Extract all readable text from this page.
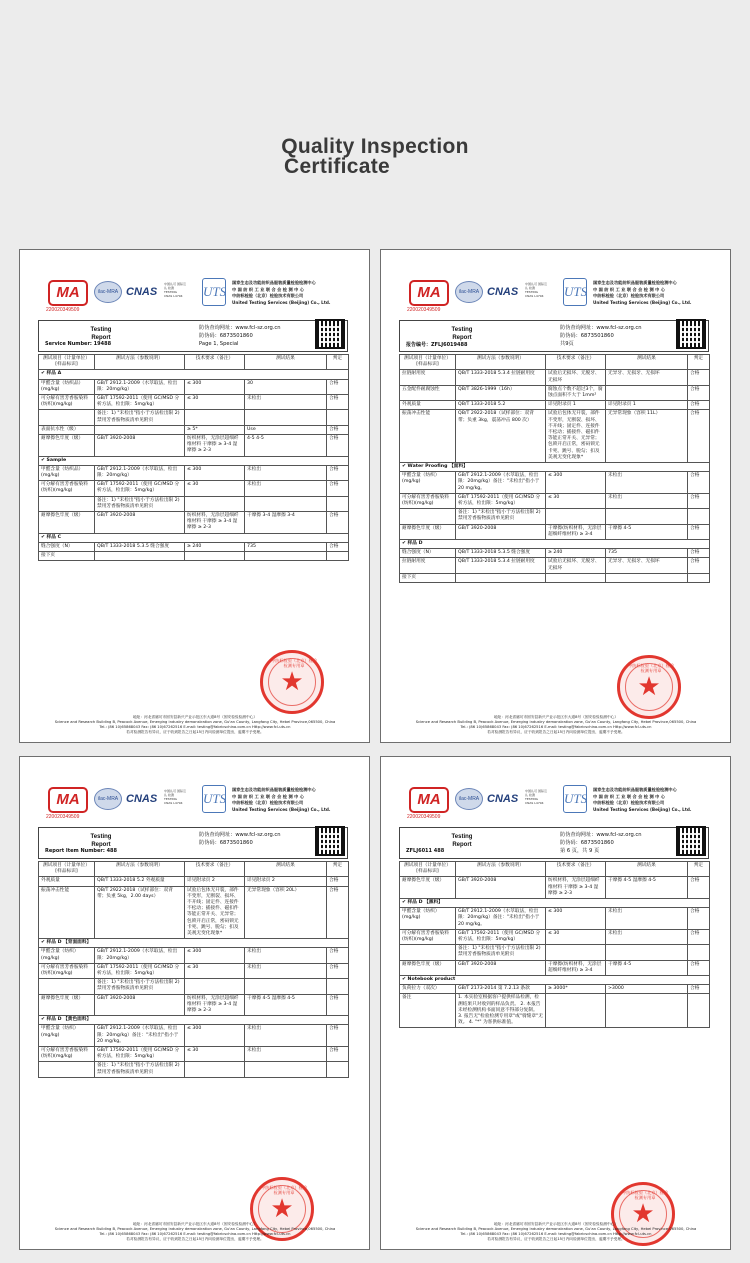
Quality Inspection
Certificate
MA
220020349509
ilac-MRA CNAS
中国认可 国际互认 检测 TESTING CNAS L4794 UTS
国家生态及功能纺织品服装质量检验检测中心
中 国 纺 织 工 业 联 合 会 检 测 中 心
中纺标检验（北京）检验技术有限公司
United Testing Services (Beijing) Co., Ltd.
Testing
Report
Service Number: 19488
防伪查询网址：www.fcl-sz.org.cn
防伪码：6873501860
Page 1, Special
测试项目（计量单位）[样品标识]	测试方法（参数说明）	技术要求（备注）	测试结果	判定
✔ 样品 A				
甲醛含量（纺织品）(mg/kg)	GB/T 2912.1-2009（水萃取法，检出限：20mg/kg）	≤ 300	30	合格
可分解有害芳香胺染料(纺织)(mg/kg)	GB/T 17592-2011（使用 GC/MSD 分析方法，检出限：5mg/kg）	≤ 30	未检出	合格
	备注：1) "未检出"指小于方法检出限 2) 禁用芳香胺物质清单见附页			
表面抗水性（级）		≥ 5*	Use	合格
耐摩擦色牢度（级）	GB/T 3920-2008	纺织材料，无涂层超细纤维材料 干摩擦 ≥ 3-4 湿摩擦 ≥ 2-3	4-5 4-5	合格
✔ Sample				
甲醛含量（纺织品）(mg/kg)	GB/T 2912.1-2009（水萃取法，检出限：20mg/kg）	≤ 300	未检出	合格
可分解有害芳香胺染料(纺织)(mg/kg)	GB/T 17592-2011（使用 GC/MSD 分析方法，检出限：5mg/kg）	≤ 30	未检出	合格
	备注：1) "未检出"指小于方法检出限 2) 禁用芳香胺物质清单见附页			
耐摩擦色牢度（级）	GB/T 3920-2008	纺织材料，无涂层超细纤维材料 干摩擦 ≥ 3-4 湿摩擦 ≥ 2-3	干摩擦 3-4 湿摩擦 3-4	合格
✔ 样品 C				
缝合强度（N）	QB/T 1333-2018 5.3.5 缝合强度	≥ 240	735	合格
接下页				
中纺标检验（北京）检验检测专用章
★
地址：河北省廊坊市固安县新兴产业示范区东大道8号（固安检验检测中心）
Science and Research Building B, Peacock Avenue, Emerging industry demonstration zone, Gu'an County, Langfang City, Hebei Province,065500, China
Tel.: (86 10)65868043 Fax: (86 10)67262516 E-mail: testing@fabricschina.com.cn Http://www.fcl-uts.cn
若对检测报告有异议，应于收到报告之日起15日内向检测单位提出，逾期不予受理。
MA
220020349509
ilac-MRA CNAS
中国认可 国际互认 检测 TESTING CNAS L4794 UTS
国家生态及功能纺织品服装质量检验检测中心
中 国 纺 织 工 业 联 合 会 检 测 中 心
中纺标检验（北京）检验技术有限公司
United Testing Services (Beijing) Co., Ltd.
Testing
Report
报告编号：ZFLJ6019488
防伪查询网址：www.fcl-sz.org.cn
防伪码：6873501860
共9页
测试项目（计量单位）[样品标识]	测试方法（参数说明）	技术要求（备注）	测试结果	判定
拉链耐用度	QB/T 1333-2018 5.3.4 拉链耐用度	试验后无损坏、无脱牙、无损坏	无异牙、无损牙、无损坏	合格
五金配件耐腐蚀性	QB/T 3826-1999（16h）	腐蚀点个数不超过3个，腐蚀点面积不大于 1mm²		合格
外观质量	QB/T 1333-2018 5.2	详见附录页 1	详见附录页 1	合格
振荡冲击性能	QB/T 2922-2018（试样部位：双背带；负重 3kg，震荡冲击 800 次）	试验后包体无开裂，部件不变形，无断裂、损坏、不开线；固定件、连接件不松动；插接件、磁扣件等能正常开关、无异常；包锁开启正常，密码锁无卡死、跳号、脱勾；扣及美观无变化现象*	无异常现象（容积 11L）	合格
✔ Water Proofing 【面料】				
甲醛含量（纺织）(mg/kg)	GB/T 2912.1-2009（水萃取法，检出限：20mg/kg）备注："未检出"指小于 20 mg/kg。	≤ 300	未检出	合格
可分解有害芳香胺染料(纺织)(mg/kg)	GB/T 17592-2011（使用 GC/MSD 分析方法，检出限：5mg/kg）	≤ 30	未检出	合格
	备注：1) "未检出"指小于方法检出限 2) 禁用芳香胺物质清单见附页			
耐摩擦色牢度（级）	GB/T 3920-2008	干摩擦(纺织材料，无涂层超细纤维材料) ≥ 3-4	干摩擦 4-5	合格
✔ 样品 D				
缝合强度（N）	QB/T 1333-2018 5.3.5 缝合强度	≥ 240	735	合格
拉链耐用度	QB/T 1333-2018 5.3.4 拉链耐用度	试验后无损坏、无脱牙、无损坏	无异牙、无损牙、无损坏	合格
接下页				
中纺标检验（北京）检验检测专用章
★
地址：河北省廊坊市固安县新兴产业示范区东大道8号（固安检验检测中心）
Science and Research Building B, Peacock Avenue, Emerging industry demonstration zone, Gu'an County, Langfang City, Hebei Province,065500, China
Tel.: (86 10)65868043 Fax: (86 10)67262516 E-mail: testing@fabricschina.com.cn Http://www.fcl-uts.cn
若对检测报告有异议，应于收到报告之日起15日内向检测单位提出，逾期不予受理。
MA
220020349509
ilac-MRA CNAS
中国认可 国际互认 检测 TESTING CNAS L4794 UTS
国家生态及功能纺织品服装质量检验检测中心
中 国 纺 织 工 业 联 合 会 检 测 中 心
中纺标检验（北京）检验技术有限公司
United Testing Services (Beijing) Co., Ltd.
Testing
Report
Report Item Number: 488
防伪查询网址：www.fcl-sz.org.cn
防伪码：6873501860

测试项目（计量单位）[样品标识]	测试方法（参数说明）	技术要求（备注）	测试结果	判定
外观质量	QB/T 1333-2018 5.2 外观质量	详见附录页 2	详见附录页 2	合格
振荡冲击性能	QB/T 2922-2018（试样部位：双背带；负重 5kg，2.00 days）	试验后包体无开裂，部件不变形，无断裂、损坏、不开线；固定件、连接件不松动；插接件、磁扣件等能正常开关、无异常；包锁开启正常，密码锁无卡死、跳号、脱勾；扣及美观无变化现象*	无异常现象（容积 20L）	合格
✔ 样品 D 【背面面料】				
甲醛含量（纺织）(mg/kg)	GB/T 2912.1-2009（水萃取法，检出限：20mg/kg）	≤ 300	未检出	合格
可分解有害芳香胺染料(纺织)(mg/kg)	GB/T 17592-2011（使用 GC/MSD 分析方法，检出限：5mg/kg）	≤ 30	未检出	合格
	备注：1) "未检出"指小于方法检出限 2) 禁用芳香胺物质清单见附页			
耐摩擦色牢度（级）	GB/T 3920-2008	纺织材料，无涂层超细纤维材料 干摩擦 ≥ 3-4 湿摩擦 ≥ 2-3	干摩擦 4-5 湿摩擦 4-5	合格
✔ 样品 D 【黄色面料】				
甲醛含量（纺织）(mg/kg)	GB/T 2912.1-2009（水萃取法，检出限：20mg/kg）备注："未检出"指小于 20 mg/kg。	≤ 300	未检出	合格
可分解有害芳香胺染料(纺织)(mg/kg)	GB/T 17592-2011（使用 GC/MSD 分析方法，检出限：5mg/kg）	≤ 30	未检出	合格
	备注：1) "未检出"指小于方法检出限 2) 禁用芳香胺物质清单见附页			
中纺标检验（北京）检验检测专用章
★
地址：河北省廊坊市固安县新兴产业示范区东大道8号（固安检验检测中心）
Science and Research Building B, Peacock Avenue, Emerging industry demonstration zone, Gu'an County, Langfang City, Hebei Province,065500, China
Tel.: (86 10)65868043 Fax: (86 10)67262516 E-mail: testing@fabricschina.com.cn Http://www.fcl-uts.cn
若对检测报告有异议，应于收到报告之日起15日内向检测单位提出，逾期不予受理。
MA
220020349509
ilac-MRA CNAS
中国认可 国际互认 检测 TESTING CNAS L4794 UTS
国家生态及功能纺织品服装质量检验检测中心
中 国 纺 织 工 业 联 合 会 检 测 中 心
中纺标检验（北京）检验技术有限公司
United Testing Services (Beijing) Co., Ltd.
Testing
Report
ZFLJ6011 488
防伪查询网址：www.fcl-sz.org.cn
防伪码：6873501860
第 6 页，共 9 页
测试项目（计量单位）[样品标识]	测试方法（参数说明）	技术要求（备注）	测试结果	判定
耐摩擦色牢度（级）	GB/T 3920-2008	纺织材料，无涂层超细纤维材料 干摩擦 ≥ 3-4 湿摩擦 ≥ 2-3	干摩擦 4-5 湿摩擦 4-5	合格
✔ 样品 D 【黑料】				
甲醛含量（纺织）(mg/kg)	GB/T 2912.1-2009（水萃取法，检出限：20mg/kg）备注："未检出"指小于 20 mg/kg。	≤ 300	未检出	合格
可分解有害芳香胺染料(纺织)(mg/kg)	GB/T 17592-2011（使用 GC/MSD 分析方法，检出限：5mg/kg）	≤ 30	未检出	合格
	备注：1) "未检出"指小于方法检出限 2) 禁用芳香胺物质清单见附页			
耐摩擦色牢度（级）	GB/T 3920-2008	干摩擦(纺织材料，无涂层超细纤维材料) ≥ 3-4	干摩擦 4-5	合格
✔ Notebook product				
负荷拉力（双次）	GB/T 2173-2014 第 7.2.13 条款	≥ 3000*	>3000	合格
备注	1. 本实验室根据客户提供样品检测，检测结果只对收到的样品负责。 2. 本报告未经检测机构书面同意不得部分复制。 3. 报告无"检验检测专用章"或"骑缝章"无效。 4. "*" 为客供标准值。			
中纺标检验（北京）检验检测专用章
★
地址：河北省廊坊市固安县新兴产业示范区东大道8号（固安检验检测中心）
Science and Research Building B, Peacock Avenue, Emerging industry demonstration zone, Gu'an County, Langfang City, Hebei Province,065500, China
Tel.: (86 10)65868043 Fax: (86 10)67262516 E-mail: testing@fabricschina.com.cn Http://www.fcl-uts.cn
若对检测报告有异议，应于收到报告之日起15日内向检测单位提出，逾期不予受理。
